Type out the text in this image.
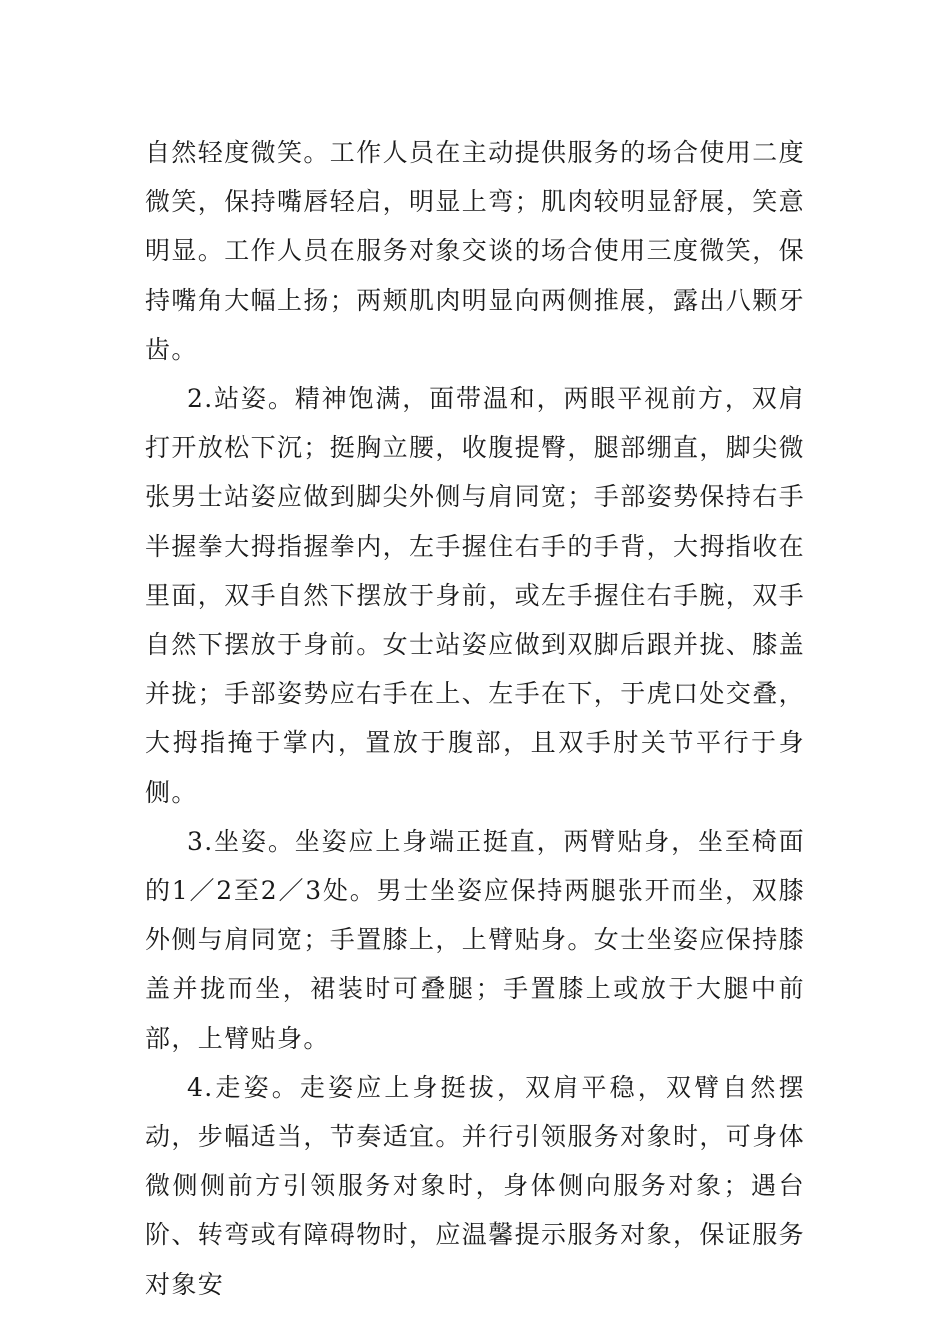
自然轻度微笑。工作人员在主动提供服务的场合使用二度微笑，保持嘴唇轻启，明显上弯；肌肉较明显舒展，笑意明显。工作人员在服务对象交谈的场合使用三度微笑，保持嘴角大幅上扬；两颊肌肉明显向两侧推展，露出八颗牙齿。

2.站姿。精神饱满，面带温和，两眼平视前方，双肩打开放松下沉；挺胸立腰，收腹提臀，腿部绷直，脚尖微张男士站姿应做到脚尖外侧与肩同宽；手部姿势保持右手半握拳大拇指握拳内，左手握住右手的手背，大拇指收在里面，双手自然下摆放于身前，或左手握住右手腕，双手自然下摆放于身前。女士站姿应做到双脚后跟并拢、膝盖并拢；手部姿势应右手在上、左手在下，于虎口处交叠，大拇指掩于掌内，置放于腹部，且双手肘关节平行于身侧。

3.坐姿。坐姿应上身端正挺直，两臂贴身，坐至椅面的1／2至2／3处。男士坐姿应保持两腿张开而坐，双膝外侧与肩同宽；手置膝上，上臂贴身。女士坐姿应保持膝盖并拢而坐，裙装时可叠腿；手置膝上或放于大腿中前部，上臂贴身。

4.走姿。走姿应上身挺拔，双肩平稳，双臂自然摆动，步幅适当，节奏适宜。并行引领服务对象时，可身体微侧侧前方引领服务对象时，身体侧向服务对象；遇台阶、转弯或有障碍物时，应温馨提示服务对象，保证服务对象安
